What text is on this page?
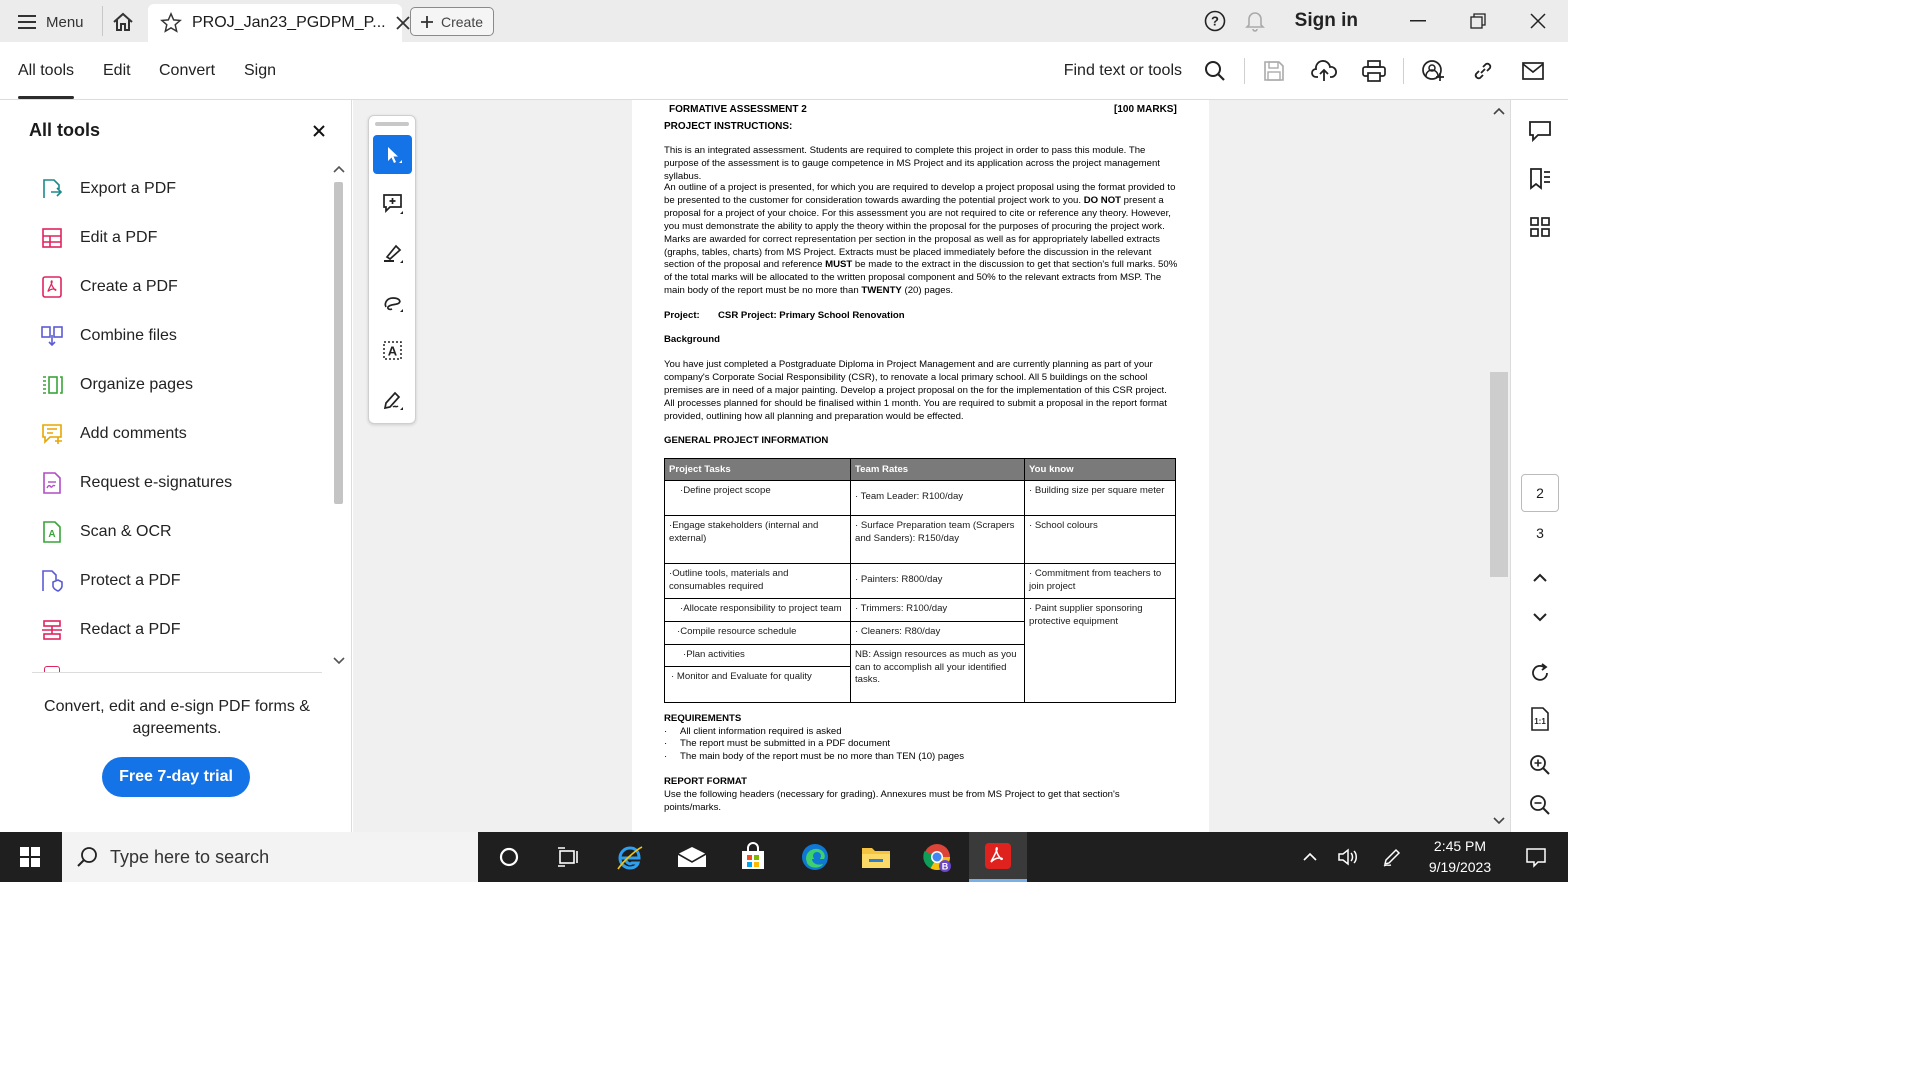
Menu	PROJ_Jan23_PGDPM_P...	Create	?	Sign in
All tools Edit Convert Sign	Find text or tools
All tools
Export a PDF
Edit a PDF
Create a PDF
Combine files
Organize pages
Add comments
Request e-signatures
A Scan & OCR
Protect a PDF
Redact a PDF
Convert, edit and e-sign PDF forms & agreements.
Free 7-day trial
FORMATIVE ASSESSMENT 2	[100 MARKS]
PROJECT INSTRUCTIONS:
This is an integrated assessment. Students are required to complete this project in order to pass this module. The purpose of the assessment is to gauge competence in MS Project and its application across the project management syllabus.
An outline of a project is presented, for which you are required to develop a project proposal using the format provided to be presented to the customer for consideration towards awarding the potential project work to you. DO NOT present a proposal for a project of your choice. For this assessment you are not required to cite or reference any theory. However, you must demonstrate the ability to apply the theory within the proposal for the purposes of procuring the project work. Marks are awarded for correct representation per section in the proposal as well as for appropriately labelled extracts (graphs, tables, charts) from MS Project. Extracts must be placed immediately before the discussion in the relevant section of the proposal and reference MUST be made to the extract in the discussion to get that section's full marks. 50% of the total marks will be allocated to the written proposal component and 50% to the relevant extracts from MSP. The main body of the report must be no more than TWENTY (20) pages.
Project: CSR Project: Primary School Renovation
Background
You have just completed a Postgraduate Diploma in Project Management and are currently planning as part of your company's Corporate Social Responsibility (CSR), to renovate a local primary school. All 5 buildings on the school premises are in need of a major painting. Develop a project proposal on the for the implementation of this CSR project. All processes planned for should be finalised within 1 month. You are required to submit a proposal in the report format provided, outlining how all planning and preparation would be effected.
GENERAL PROJECT INFORMATION
Project Tasks	Team Rates	You know
·Define project scope	· Team Leader: R100/day	· Building size per square meter
·Engage stakeholders (internal and external)	· Surface Preparation team (Scrapers and Sanders): R150/day	· School colours
·Outline tools, materials and consumables required	· Painters: R800/day	· Commitment from teachers to join project
·Allocate responsibility to project team	· Trimmers: R100/day	· Paint supplier sponsoring protective equipment
·Compile resource schedule	· Cleaners: R80/day	
·Plan activities	NB: Assign resources as much as you can to accomplish all your identified tasks.	
· Monitor and Evaluate for quality		
REQUIREMENTS
· All client information required is asked
· The report must be submitted in a PDF document
· The main body of the report must be no more than TEN (10) pages
REPORT FORMAT
Use the following headers (necessary for grading). Annexures must be from MS Project to get that section's points/marks.
A
2
3
1:1
Type here to search	B
2:45 PM
9/19/2023
